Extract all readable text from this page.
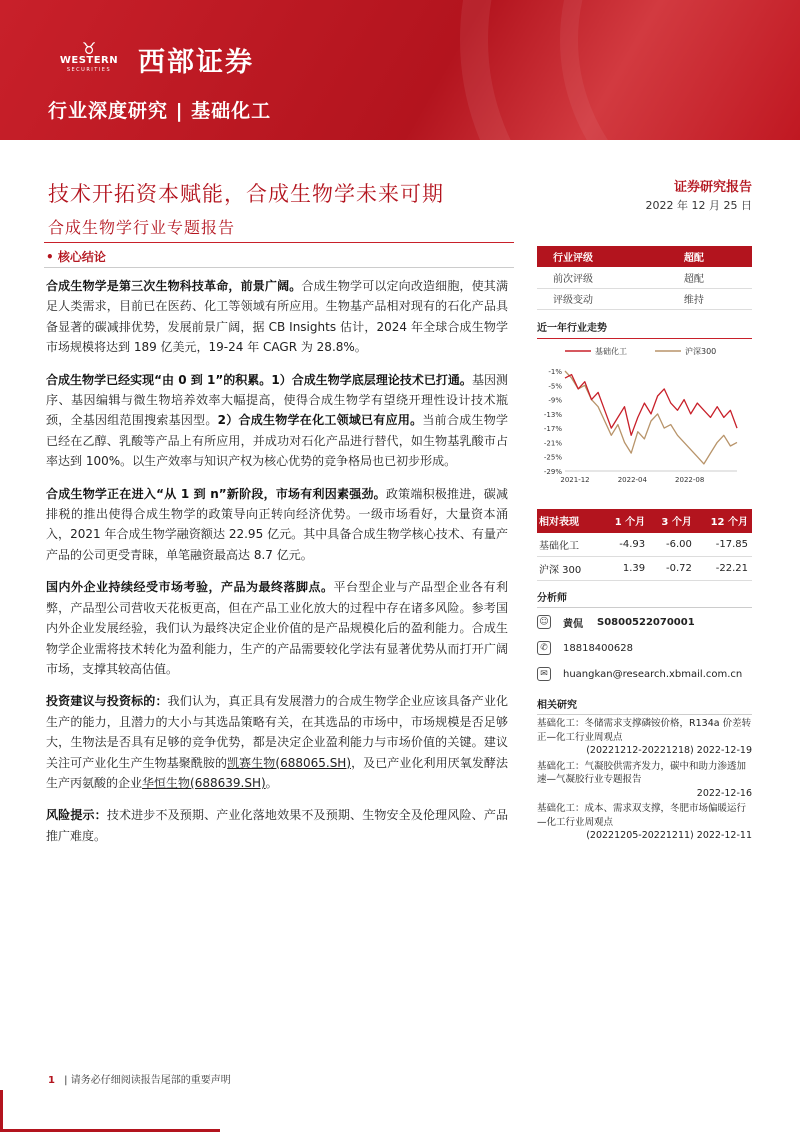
♉
WESTERN
SECURITIES 西部证券
行业深度研究 | 基础化工
技术开拓资本赋能，合成生物学未来可期
合成生物学行业专题报告
证券研究报告
2022 年 12 月 25 日
• 核心结论

合成生物学是第三次生物科技革命，前景广阔。合成生物学可以定向改造细胞，使其满足人类需求，目前已在医药、化工等领域有所应用。生物基产品相对现有的石化产品具备显著的碳减排优势，发展前景广阔，据 CB Insights 估计，2024 年全球合成生物学市场规模将达到 189 亿美元，19-24 年 CAGR 为 28.8%。

合成生物学已经实现“由 0 到 1”的积累。1）合成生物学底层理论技术已打通。基因测序、基因编辑与微生物培养效率大幅提高，使得合成生物学有望绕开理性设计技术瓶颈，全基因组范围搜索基因型。2）合成生物学在化工领域已有应用。当前合成生物学已经在乙醇、乳酸等产品上有所应用，并成功对石化产品进行替代，如生物基乳酸市占率达到 100%。以生产效率与知识产权为核心优势的竞争格局也已初步形成。

合成生物学正在进入“从 1 到 n”新阶段，市场有利因素强劲。政策端积极推进，碳减排税的推出使得合成生物学的政策导向正转向经济优势。一级市场看好，大量资本涌入，2021 年合成生物学融资额达 22.95 亿元。其中具备合成生物学核心技术、有量产产品的公司更受青睐，单笔融资最高达 8.7 亿元。

国内外企业持续经受市场考验，产品为最终落脚点。平台型企业与产品型企业各有利弊，产品型公司营收天花板更高，但在产品工业化放大的过程中存在诸多风险。参考国内外企业发展经验，我们认为最终决定企业价值的是产品规模化后的盈利能力。合成生物学企业需将技术转化为盈利能力，生产的产品需要较化学法有显著优势从而打开广阔市场，支撑其较高估值。

投资建议与投资标的：我们认为，真正具有发展潜力的合成生物学企业应该具备产业化生产的能力，且潜力的大小与其选品策略有关，在其选品的市场中，市场规模是否足够大，生物法是否具有足够的竞争优势，都是决定企业盈利能力与市场价值的关键。建议关注可产业化生产生物基聚酰胺的凯赛生物(688065.SH)，及已产业化利用厌氧发酵法生产丙氨酸的企业华恒生物(688639.SH)。

风险提示：技术进步不及预期、产业化落地效果不及预期、生物安全及伦理风险、产品推广难度。

行业评级	超配
前次评级	超配
评级变动	维持
近一年行业走势
基础化工	沪深300
-1%
-5%
-9%
-13%
-17%
-21%
-25%
-29%
2021-12	2022-04	2022-08
相对表现	1 个月	3 个月	12 个月
基础化工	-4.93	-6.00	-17.85
沪深 300	1.39	-0.72	-22.21
分析师
☺ 黄侃 S0800522070001
✆	18818400628
✉	huangkan@research.xbmail.com.cn
相关研究
基础化工：冬储需求支撑磷铵价格，R134a 价差转正—化工行业周观点
(20221212-20221218) 2022-12-19
基础化工：气凝胶供需齐发力，碳中和助力渗透加速—气凝胶行业专题报告
2022-12-16
基础化工：成本、需求双支撑，冬肥市场偏暖运行—化工行业周观点
(20221205-20221211) 2022-12-11
1 | 请务必仔细阅读报告尾部的重要声明
